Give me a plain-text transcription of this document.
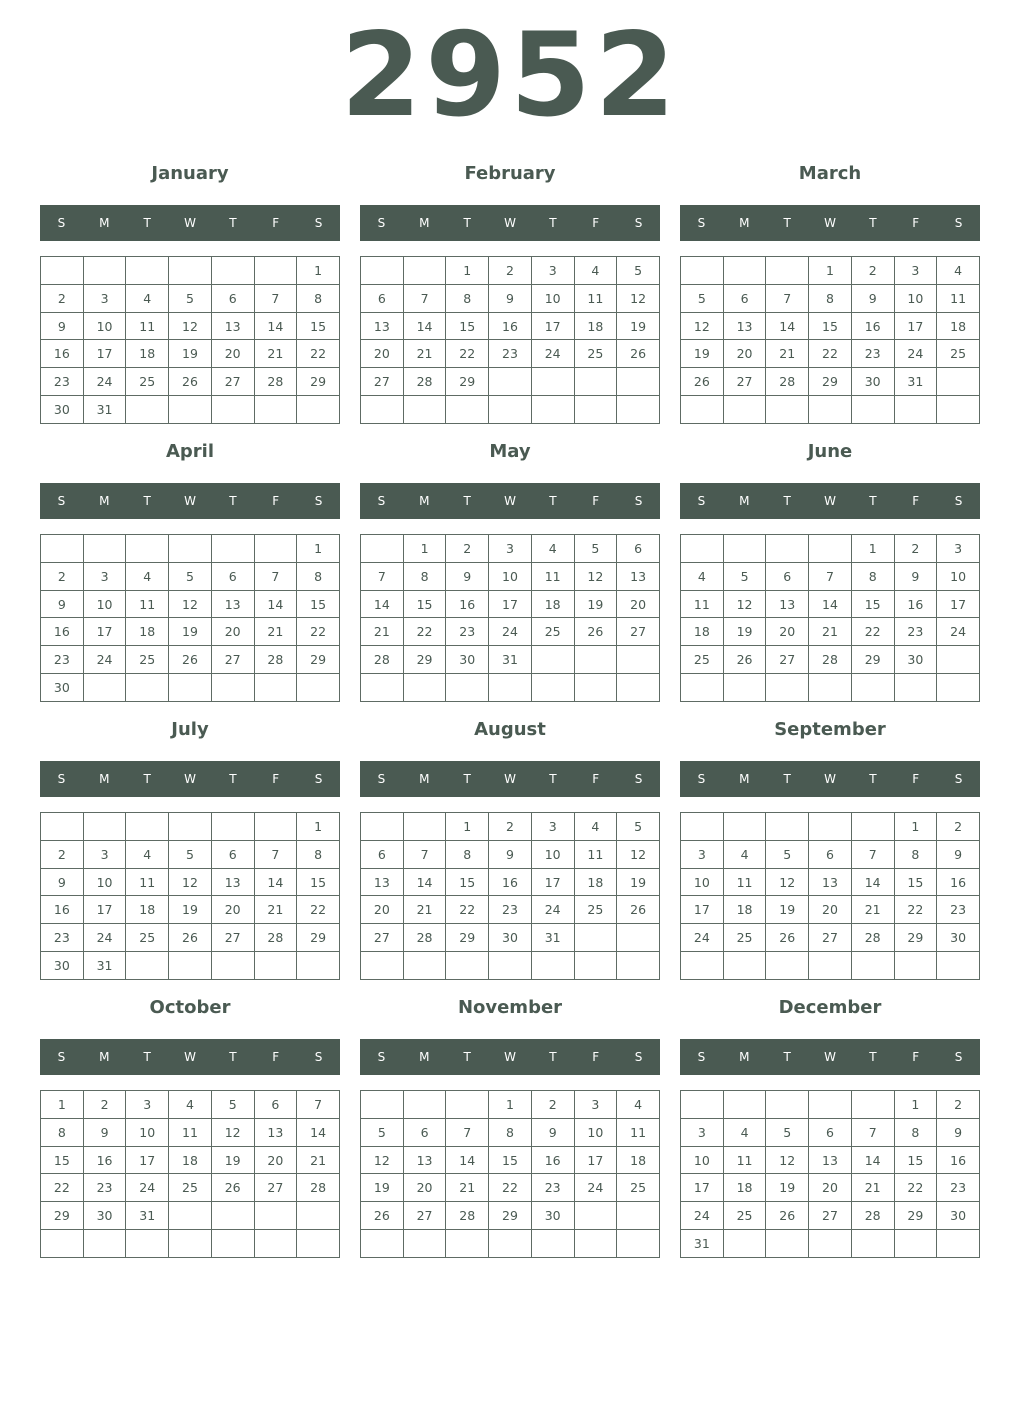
2952
January
S	M	T	W	T	F	S
						1
2	3	4	5	6	7	8
9	10	11	12	13	14	15
16	17	18	19	20	21	22
23	24	25	26	27	28	29
30	31					
February
S	M	T	W	T	F	S
		1	2	3	4	5
6	7	8	9	10	11	12
13	14	15	16	17	18	19
20	21	22	23	24	25	26
27	28	29				

March
S	M	T	W	T	F	S
			1	2	3	4
5	6	7	8	9	10	11
12	13	14	15	16	17	18
19	20	21	22	23	24	25
26	27	28	29	30	31	

April
S	M	T	W	T	F	S
						1
2	3	4	5	6	7	8
9	10	11	12	13	14	15
16	17	18	19	20	21	22
23	24	25	26	27	28	29
30						
May
S	M	T	W	T	F	S
	1	2	3	4	5	6
7	8	9	10	11	12	13
14	15	16	17	18	19	20
21	22	23	24	25	26	27
28	29	30	31			

June
S	M	T	W	T	F	S
				1	2	3
4	5	6	7	8	9	10
11	12	13	14	15	16	17
18	19	20	21	22	23	24
25	26	27	28	29	30	

July
S	M	T	W	T	F	S
						1
2	3	4	5	6	7	8
9	10	11	12	13	14	15
16	17	18	19	20	21	22
23	24	25	26	27	28	29
30	31					
August
S	M	T	W	T	F	S
		1	2	3	4	5
6	7	8	9	10	11	12
13	14	15	16	17	18	19
20	21	22	23	24	25	26
27	28	29	30	31		

September
S	M	T	W	T	F	S
					1	2
3	4	5	6	7	8	9
10	11	12	13	14	15	16
17	18	19	20	21	22	23
24	25	26	27	28	29	30

October
S	M	T	W	T	F	S
1	2	3	4	5	6	7
8	9	10	11	12	13	14
15	16	17	18	19	20	21
22	23	24	25	26	27	28
29	30	31				

November
S	M	T	W	T	F	S
			1	2	3	4
5	6	7	8	9	10	11
12	13	14	15	16	17	18
19	20	21	22	23	24	25
26	27	28	29	30		

December
S	M	T	W	T	F	S
					1	2
3	4	5	6	7	8	9
10	11	12	13	14	15	16
17	18	19	20	21	22	23
24	25	26	27	28	29	30
31						
